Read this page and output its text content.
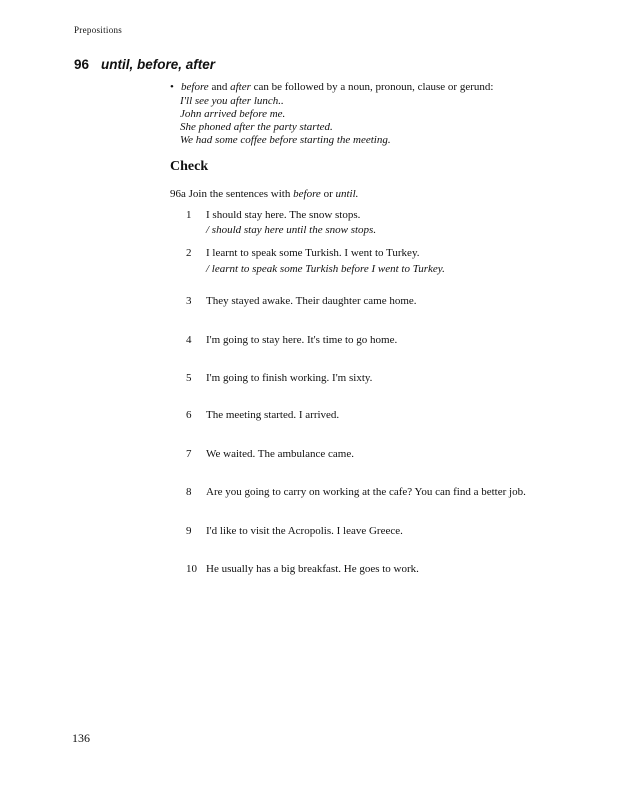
Prepositions
96 until, before, after
• before and after can be followed by a noun, pronoun, clause or gerund:
I'll see you after lunch..
John arrived before me.
She phoned after the party started.
We had some coffee before starting the meeting.
Check
96a Join the sentences with before or until.
1 I should stay here. The snow stops.
/ should stay here until the snow stops.
2 I learnt to speak some Turkish. I went to Turkey.
/ learnt to speak some Turkish before I went to Turkey.
3 They stayed awake. Their daughter came home.
4 I'm going to stay here. It's time to go home.
5 I'm going to finish working. I'm sixty.
6 The meeting started. I arrived.
7 We waited. The ambulance came.
8 Are you going to carry on working at the cafe? You can find a better job.
9 I'd like to visit the Acropolis. I leave Greece.
10 He usually has a big breakfast. He goes to work.
136
